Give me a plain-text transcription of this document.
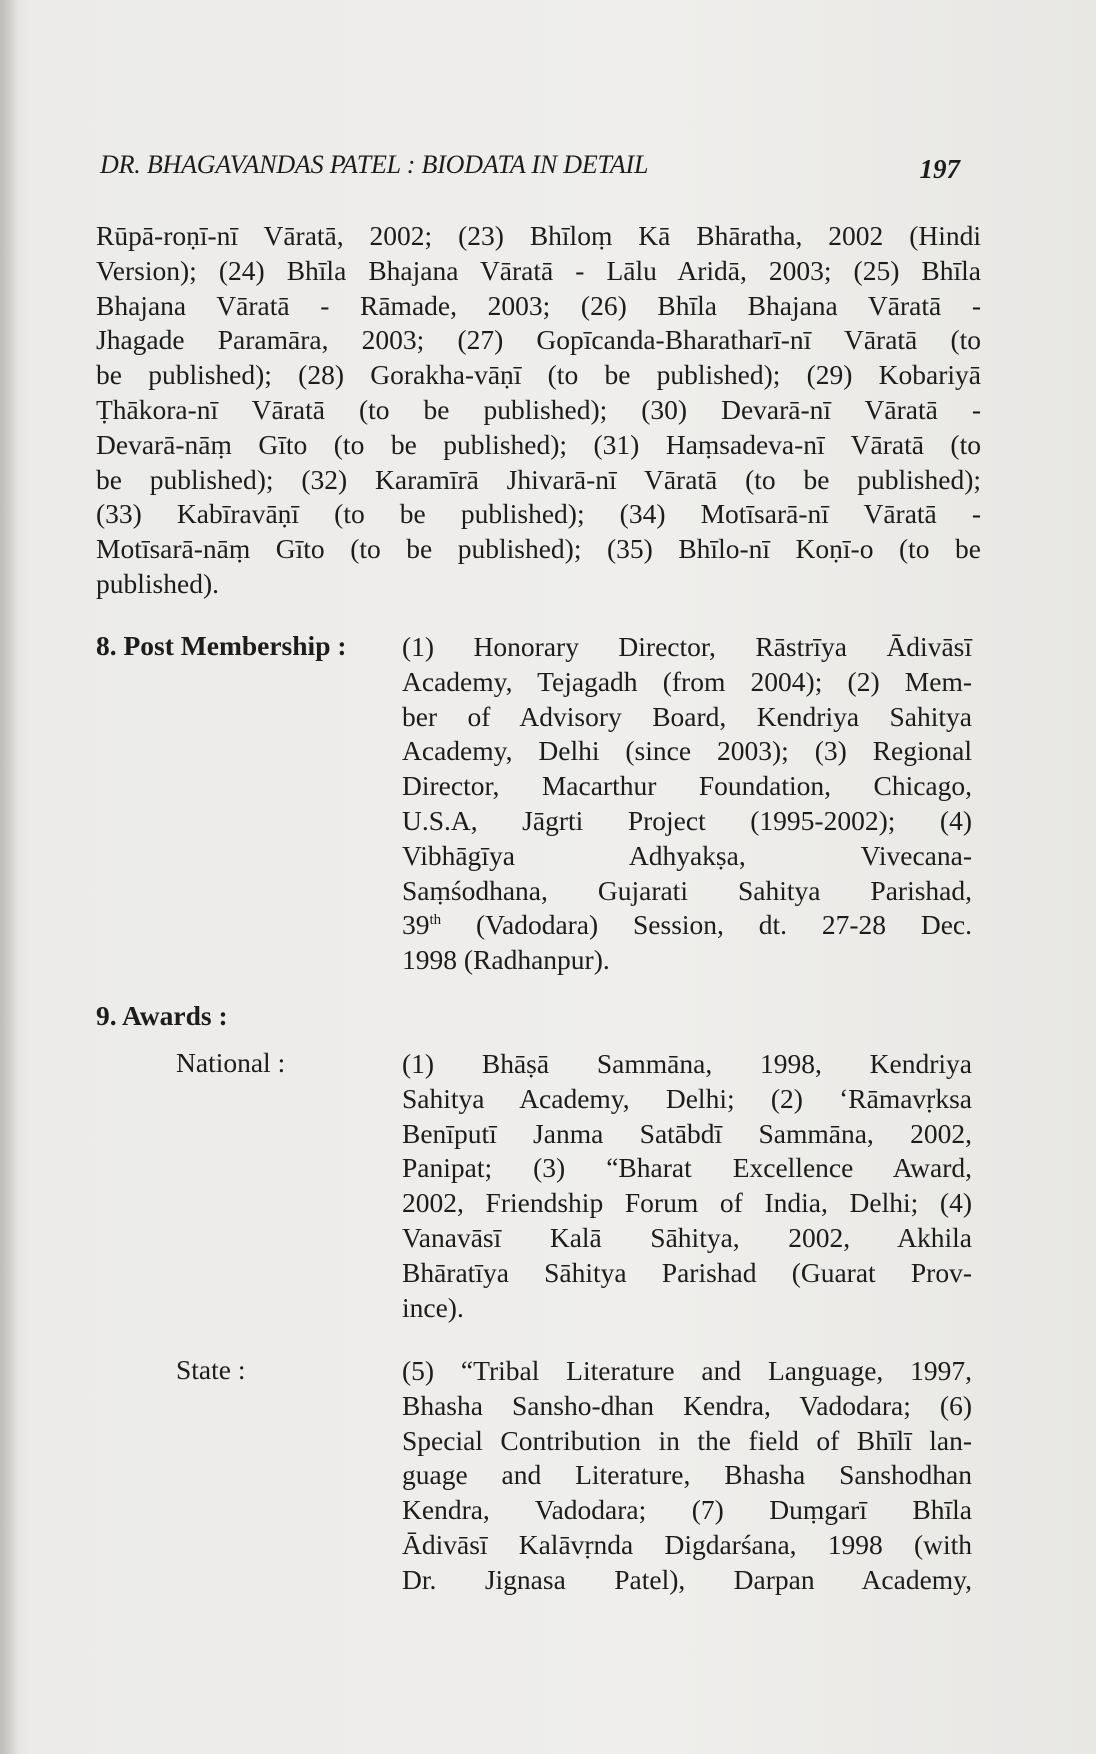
DR. BHAGAVANDAS PATEL : BIODATA IN DETAIL	197
Rūpā-roṇī-nī Vāratā, 2002; (23) Bhīloṃ Kā Bhāratha, 2002 (Hindi
Version); (24) Bhīla Bhajana Vāratā - Lālu Aridā, 2003; (25) Bhīla
Bhajana Vāratā - Rāmade, 2003; (26) Bhīla Bhajana Vāratā -
Jhagade Paramāra, 2003; (27) Gopīcanda-Bharatharī-nī Vāratā (to
be published); (28) Gorakha-vāṇī (to be published); (29) Kobariyā
Ṭhākora-nī Vāratā (to be published); (30) Devarā-nī Vāratā -
Devarā-nāṃ Gīto (to be published); (31) Haṃsadeva-nī Vāratā (to
be published); (32) Karamīrā Jhivarā-nī Vāratā (to be published);
(33) Kabīravāṇī (to be published); (34) Motīsarā-nī Vāratā -
Motīsarā-nāṃ Gīto (to be published); (35) Bhīlo-nī Koṇī-o (to be
published).
8. Post Membership : (1) Honorary Director, Rāstrīya Ādivāsī
Academy, Tejagadh (from 2004); (2) Mem-
ber of Advisory Board, Kendriya Sahitya
Academy, Delhi (since 2003); (3) Regional
Director, Macarthur Foundation, Chicago,
U.S.A, Jāgrti Project (1995-2002); (4)
Vibhāgīya Adhyakṣa, Vivecana-
Saṃśodhana, Gujarati Sahitya Parishad,
39th (Vadodara) Session, dt. 27-28 Dec.
1998 (Radhanpur).
9. Awards :
National :	(1) Bhāṣā Sammāna, 1998, Kendriya
Sahitya Academy, Delhi; (2) ‘Rāmavṛksa
Benīputī Janma Satābdī Sammāna, 2002,
Panipat; (3) “Bharat Excellence Award,
2002, Friendship Forum of India, Delhi; (4)
Vanavāsī Kalā Sāhitya, 2002, Akhila
Bhāratīya Sāhitya Parishad (Guarat Prov-
ince).
State :	(5) “Tribal Literature and Language, 1997,
Bhasha Sansho-dhan Kendra, Vadodara; (6)
Special Contribution in the field of Bhīlī lan-
guage and Literature, Bhasha Sanshodhan
Kendra, Vadodara; (7) Duṃgarī Bhīla
Ādivāsī Kalāvṛnda Digdarśana, 1998 (with
Dr. Jignasa Patel), Darpan Academy,
